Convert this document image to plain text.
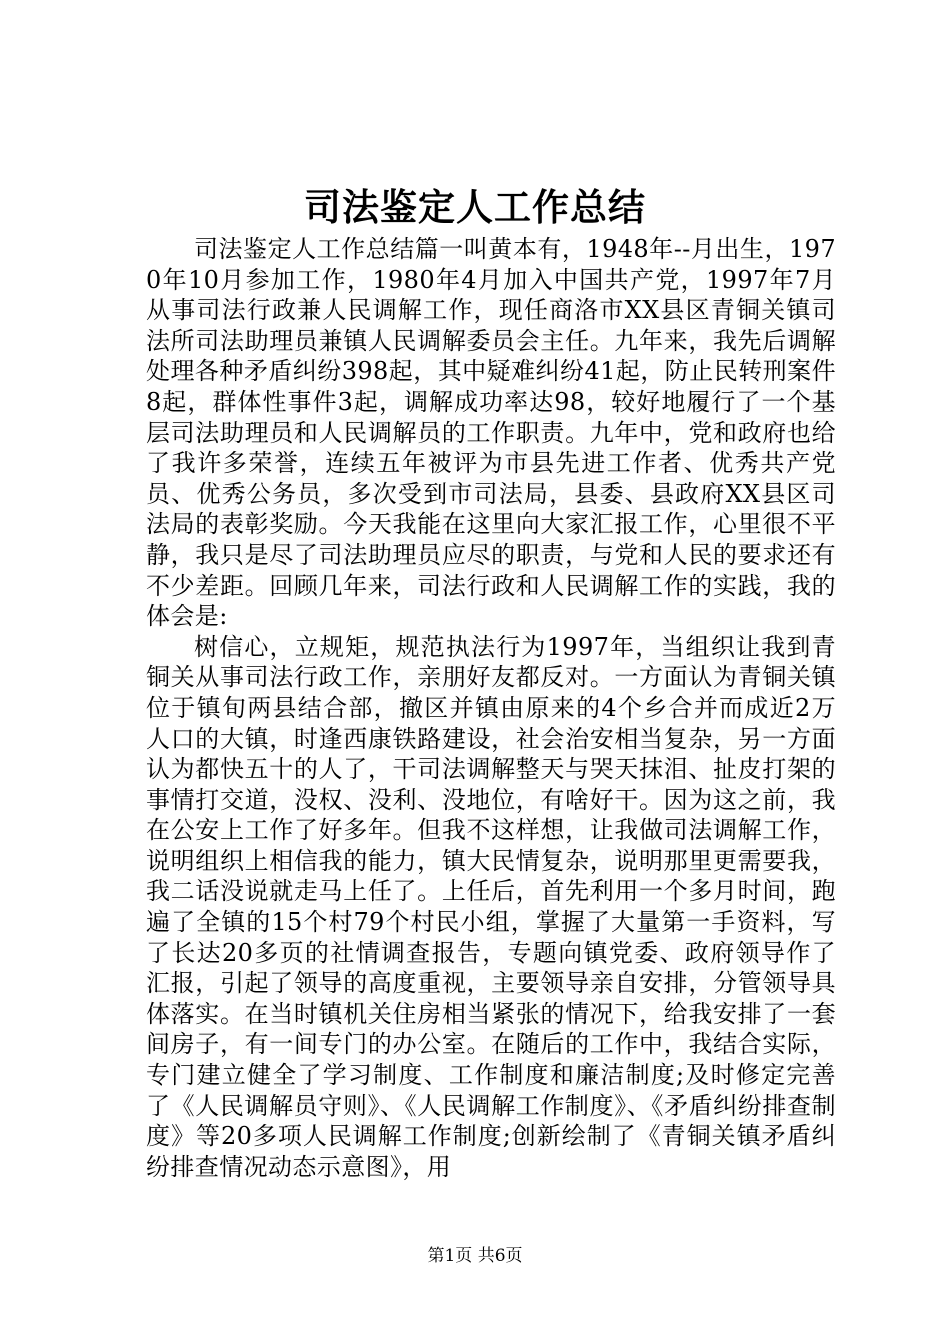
司法鉴定人工作总结

司法鉴定人工作总结篇一叫黄本有，1948年--月出生，1970年10月参加工作，1980年4月加入中国共产党，1997年7月从事司法行政兼人民调解工作，现任商洛市XX县区青铜关镇司法所司法助理员兼镇人民调解委员会主任。九年来，我先后调解处理各种矛盾纠纷398起，其中疑难纠纷41起，防止民转刑案件8起，群体性事件3起，调解成功率达98，较好地履行了一个基层司法助理员和人民调解员的工作职责。九年中，党和政府也给了我许多荣誉，连续五年被评为市县先进工作者、优秀共产党员、优秀公务员，多次受到市司法局，县委、县政府XX县区司法局的表彰奖励。今天我能在这里向大家汇报工作，心里很不平静，我只是尽了司法助理员应尽的职责，与党和人民的要求还有不少差距。回顾几年来，司法行政和人民调解工作的实践，我的体会是:

树信心，立规矩，规范执法行为1997年，当组织让我到青铜关从事司法行政工作，亲朋好友都反对。一方面认为青铜关镇位于镇旬两县结合部，撤区并镇由原来的4个乡合并而成近2万人口的大镇，时逢西康铁路建设，社会治安相当复杂，另一方面认为都快五十的人了，干司法调解整天与哭天抹泪、扯皮打架的事情打交道，没权、没利、没地位，有啥好干。因为这之前，我在公安上工作了好多年。但我不这样想，让我做司法调解工作，说明组织上相信我的能力，镇大民情复杂，说明那里更需要我，我二话没说就走马上任了。上任后，首先利用一个多月时间，跑遍了全镇的15个村79个村民小组，掌握了大量第一手资料，写了长达20多页的社情调查报告，专题向镇党委、政府领导作了汇报，引起了领导的高度重视，主要领导亲自安排，分管领导具体落实。在当时镇机关住房相当紧张的情况下，给我安排了一套间房子，有一间专门的办公室。在随后的工作中，我结合实际，专门建立健全了学习制度、工作制度和廉洁制度;及时修定完善了《人民调解员守则》、《人民调解工作制度》、《矛盾纠纷排查制度》等20多项人民调解工作制度;创新绘制了《青铜关镇矛盾纠纷排查情况动态示意图》，用

第1页 共6页
